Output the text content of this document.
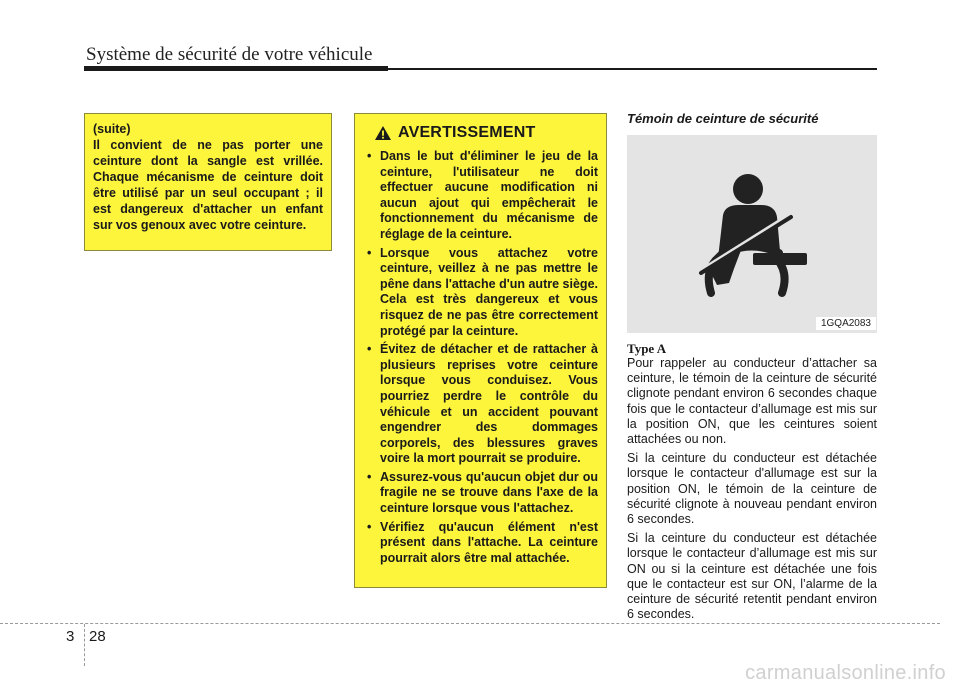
Système de sécurité de votre véhicule
(suite)
Il convient de ne pas porter une ceinture dont la sangle est vrillée. Chaque mécanisme de ceinture doit être utilisé par un seul occupant ; il est dangereux d'attacher un enfant sur vos genoux avec votre ceinture.
AVERTISSEMENT
• Dans le but d'éliminer le jeu de la ceinture, l'utilisateur ne doit effectuer aucune modification ni aucun ajout qui empêcherait le fonctionnement du mécanisme de réglage de la ceinture.
• Lorsque vous attachez votre ceinture, veillez à ne pas mettre le pêne dans l'attache d'un autre siège. Cela est très dangereux et vous risquez de ne pas être correctement protégé par la ceinture.
• Évitez de détacher et de rattacher à plusieurs reprises votre ceinture lorsque vous conduisez. Vous pourriez perdre le contrôle du véhicule et un accident pouvant engendrer des dommages corporels, des blessures graves voire la mort pourrait se produire.
• Assurez-vous qu'aucun objet dur ou fragile ne se trouve dans l'axe de la ceinture lorsque vous l'attachez.
• Vérifiez qu'aucun élément n'est présent dans l'attache. La ceinture pourrait alors être mal attachée.
Témoin de ceinture de sécurité
1GQA2083
Type A

Pour rappeler au conducteur d’attacher sa ceinture, le témoin de la ceinture de sécurité clignote pendant environ 6 secondes chaque fois que le contacteur d’allumage est mis sur la position ON, que les ceintures soient attachées ou non.

Si la ceinture du conducteur est détachée lorsque le contacteur d'allumage est sur la position ON, le témoin de la ceinture de sécurité clignote à nouveau pendant environ 6 secondes.

Si la ceinture du conducteur est détachée lorsque le contacteur d’allumage est mis sur ON ou si la ceinture est détachée une fois que le contacteur est sur ON, l’alarme de la ceinture de sécurité retentit pendant environ 6 secondes.

3 28
carmanualsonline.info
